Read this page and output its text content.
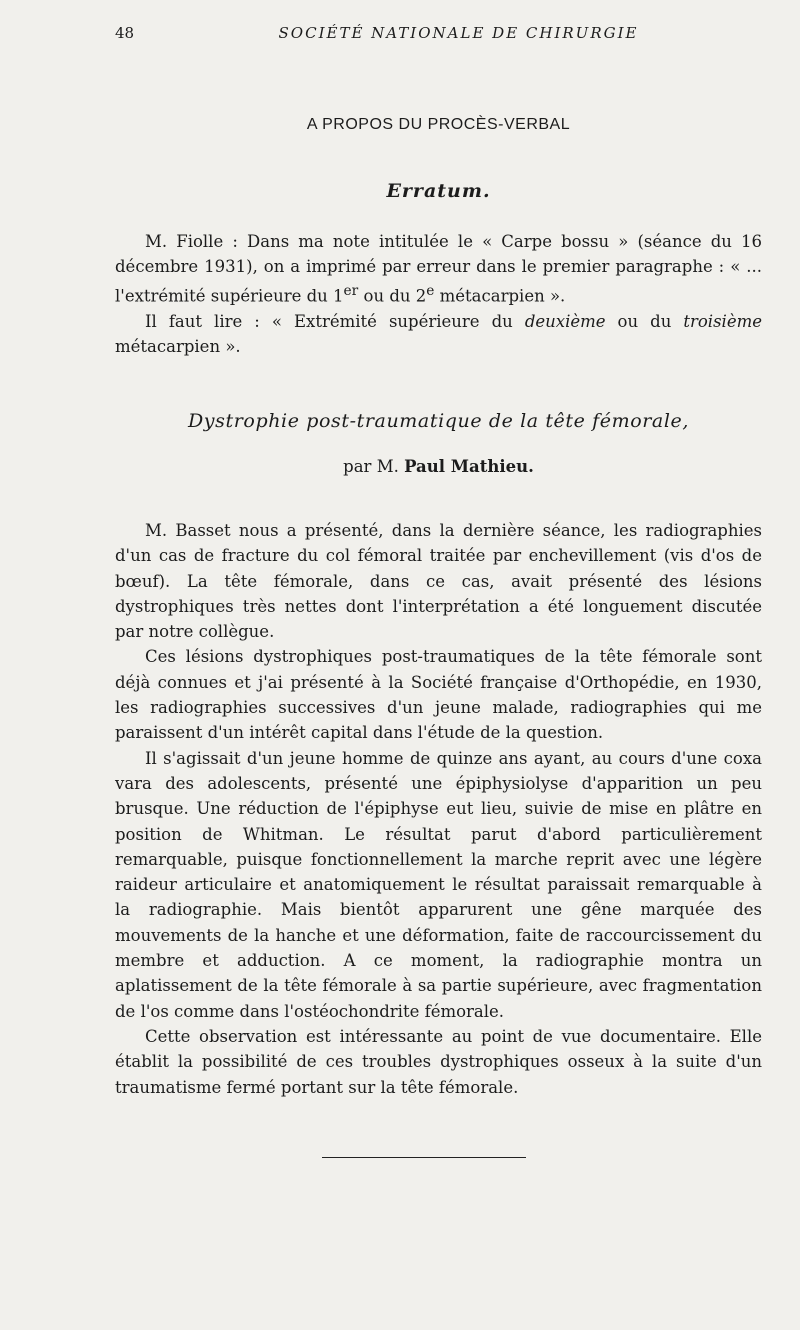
48	SOCIÉTÉ NATIONALE DE CHIRURGIE
A PROPOS DU PROCÈS-VERBAL
Erratum.

M. Fiolle : Dans ma note intitulée le « Carpe bossu » (séance du 16 décembre 1931), on a imprimé par erreur dans le premier paragraphe : « ... l'extrémité supérieure du 1er ou du 2e métacarpien ».

Il faut lire : « Extrémité supérieure du deuxième ou du troisième métacarpien ».

Dystrophie post-traumatique de la tête fémorale,
par M. Paul Mathieu.

M. Basset nous a présenté, dans la dernière séance, les radiographies d'un cas de fracture du col fémoral traitée par enchevillement (vis d'os de bœuf). La tête fémorale, dans ce cas, avait présenté des lésions dystrophiques très nettes dont l'interprétation a été longuement discutée par notre collègue.

Ces lésions dystrophiques post-traumatiques de la tête fémorale sont déjà connues et j'ai présenté à la Société française d'Orthopédie, en 1930, les radiographies successives d'un jeune malade, radiographies qui me paraissent d'un intérêt capital dans l'étude de la question.

Il s'agissait d'un jeune homme de quinze ans ayant, au cours d'une coxa vara des adolescents, présenté une épiphysiolyse d'apparition un peu brusque. Une réduction de l'épiphyse eut lieu, suivie de mise en plâtre en position de Whitman. Le résultat parut d'abord particulièrement remarquable, puisque fonctionnellement la marche reprit avec une légère raideur articulaire et anatomiquement le résultat paraissait remarquable à la radiographie. Mais bientôt apparurent une gêne marquée des mouvements de la hanche et une déformation, faite de raccourcissement du membre et adduction. A ce moment, la radiographie montra un aplatissement de la tête fémorale à sa partie supérieure, avec fragmentation de l'os comme dans l'ostéochondrite fémorale.

Cette observation est intéressante au point de vue documentaire. Elle établit la possibilité de ces troubles dystrophiques osseux à la suite d'un traumatisme fermé portant sur la tête fémorale.
